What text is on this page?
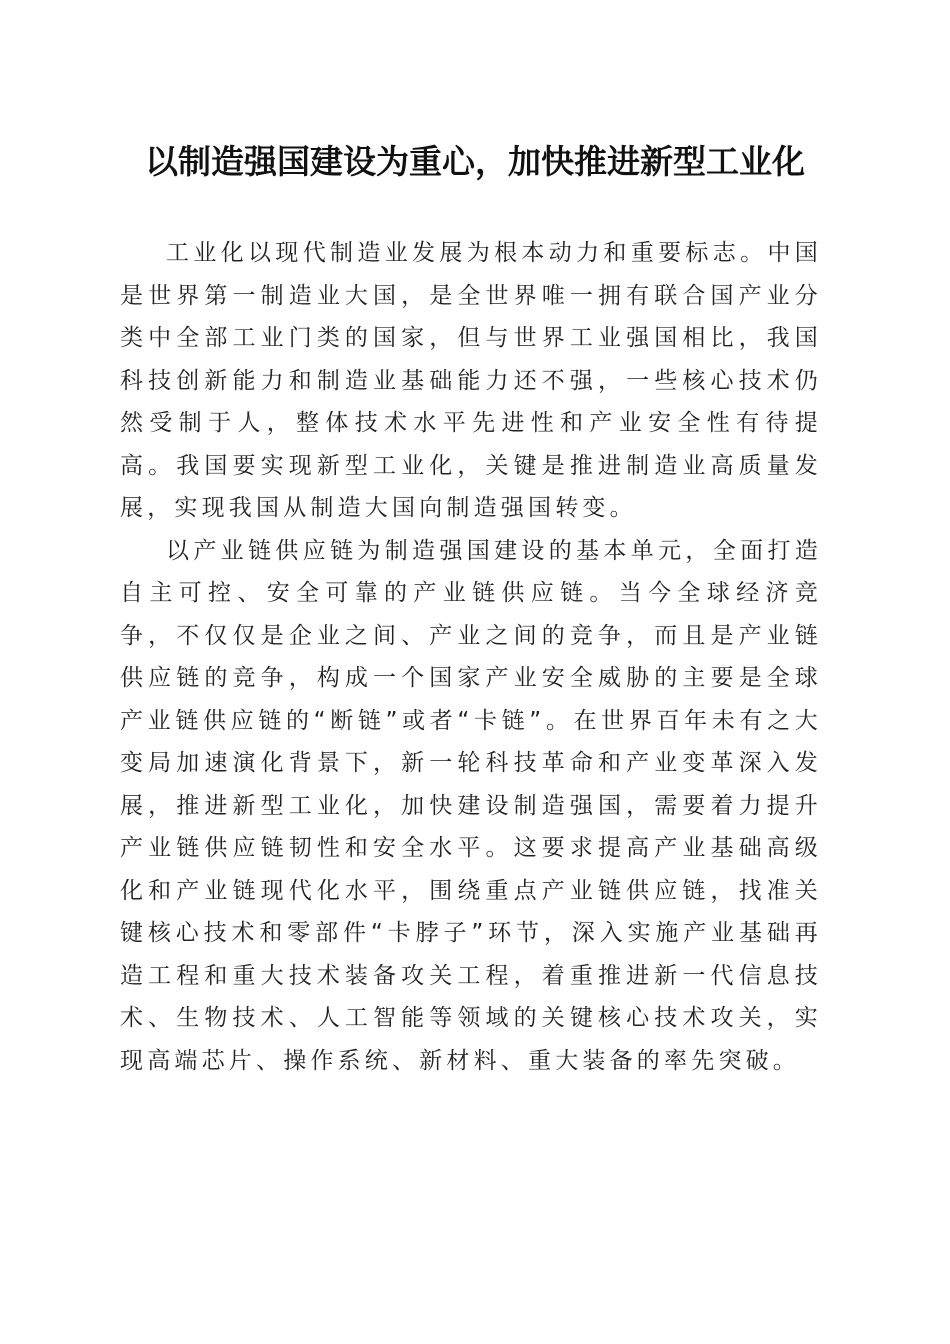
以制造强国建设为重心，加快推进新型工业化

工业化以现代制造业发展为根本动力和重要标志。中国是世界第一制造业大国，是全世界唯一拥有联合国产业分类中全部工业门类的国家，但与世界工业强国相比，我国科技创新能力和制造业基础能力还不强，一些核心技术仍然受制于人，整体技术水平先进性和产业安全性有待提高。我国要实现新型工业化，关键是推进制造业高质量发展，实现我国从制造大国向制造强国转变。

以产业链供应链为制造强国建设的基本单元，全面打造自主可控、安全可靠的产业链供应链。当今全球经济竞争，不仅仅是企业之间、产业之间的竞争，而且是产业链供应链的竞争，构成一个国家产业安全威胁的主要是全球产业链供应链的“断链”或者“卡链”。在世界百年未有之大变局加速演化背景下，新一轮科技革命和产业变革深入发展，推进新型工业化，加快建设制造强国，需要着力提升产业链供应链韧性和安全水平。这要求提高产业基础高级化和产业链现代化水平，围绕重点产业链供应链，找准关键核心技术和零部件“卡脖子”环节，深入实施产业基础再造工程和重大技术装备攻关工程，着重推进新一代信息技术、生物技术、人工智能等领域的关键核心技术攻关，实现高端芯片、操作系统、新材料、重大装备的率先突破。
